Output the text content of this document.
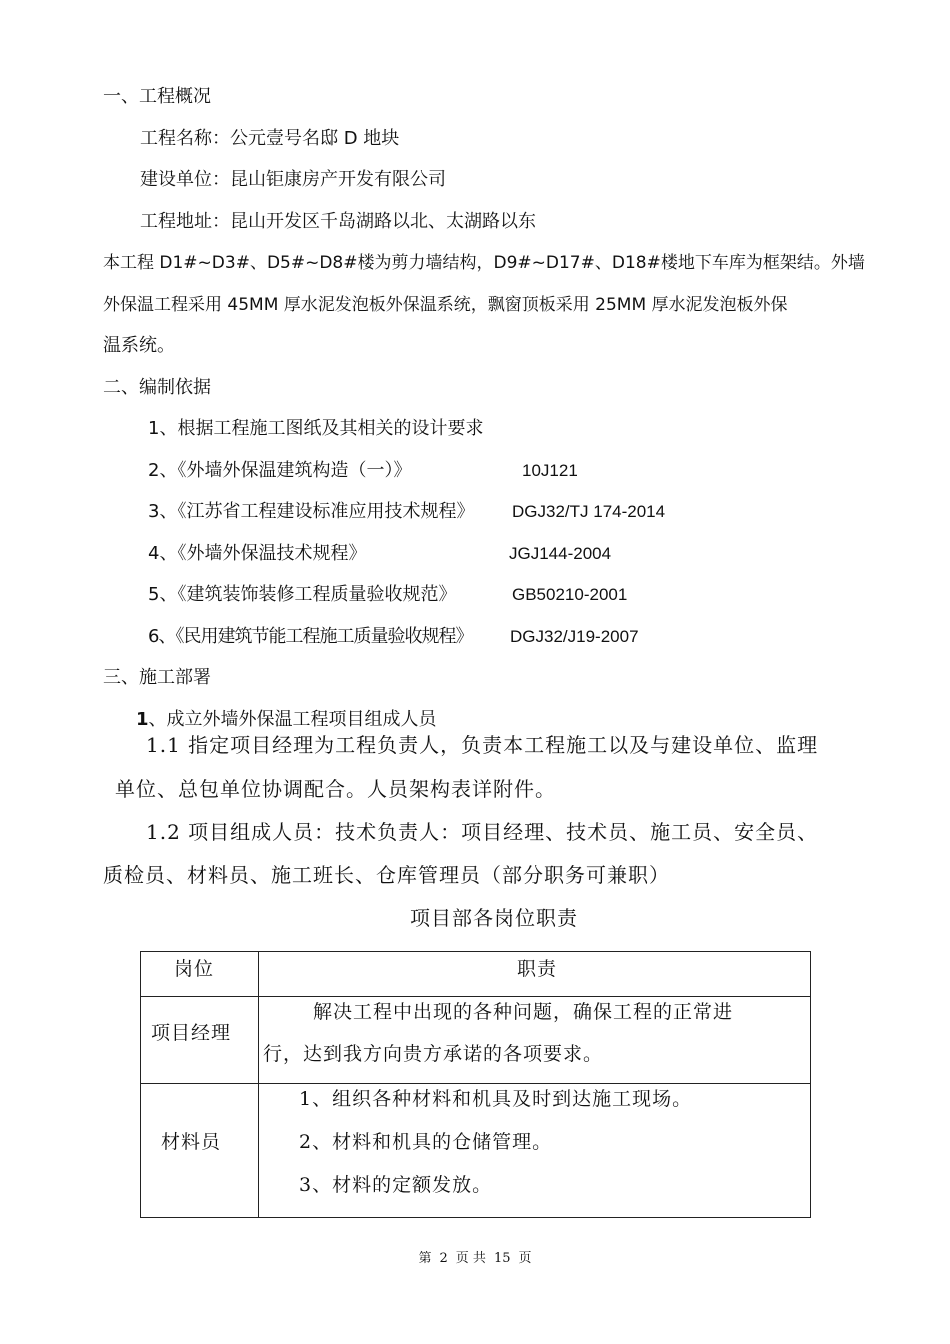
一、工程概况
工程名称：公元壹号名邸 D 地块
建设单位：昆山钜康房产开发有限公司
工程地址：昆山开发区千岛湖路以北、太湖路以东
本工程 D1#~D3#、D5#~D8#楼为剪力墙结构，D9#~D17#、D18#楼地下车库为框架结。外墙
外保温工程采用 45MM 厚水泥发泡板外保温系统，飘窗顶板采用 25MM 厚水泥发泡板外保
温系统。
二、编制依据
1、根据工程施工图纸及其相关的设计要求
2、《外墙外保温建筑构造（一）》	10J121
3、《江苏省工程建设标准应用技术规程》 DGJ32/TJ 174-2014
4、《外墙外保温技术规程》	JGJ144-2004
5、《建筑装饰装修工程质量验收规范》	GB50210-2001
6、《民用建筑节能工程施工质量验收规程》 DGJ32/J19-2007
三、施工部署
1、成立外墙外保温工程项目组成人员
1.1 指定项目经理为工程负责人，负责本工程施工以及与建设单位、监理
单位、总包单位协调配合。人员架构表详附件。
1.2 项目组成人员：技术负责人：项目经理、技术员、施工员、安全员、
质检员、材料员、施工班长、仓库管理员（部分职务可兼职）
项目部各岗位职责
岗位	职责

项目经理	解决工程中出现的各种问题，确保工程的正常进
行，达到我方向贵方承诺的各项要求。

材料员	1、组织各种材料和机具及时到达施工现场。
2、材料和机具的仓储管理。
3、材料的定额发放。
第 2 页 共 15 页
